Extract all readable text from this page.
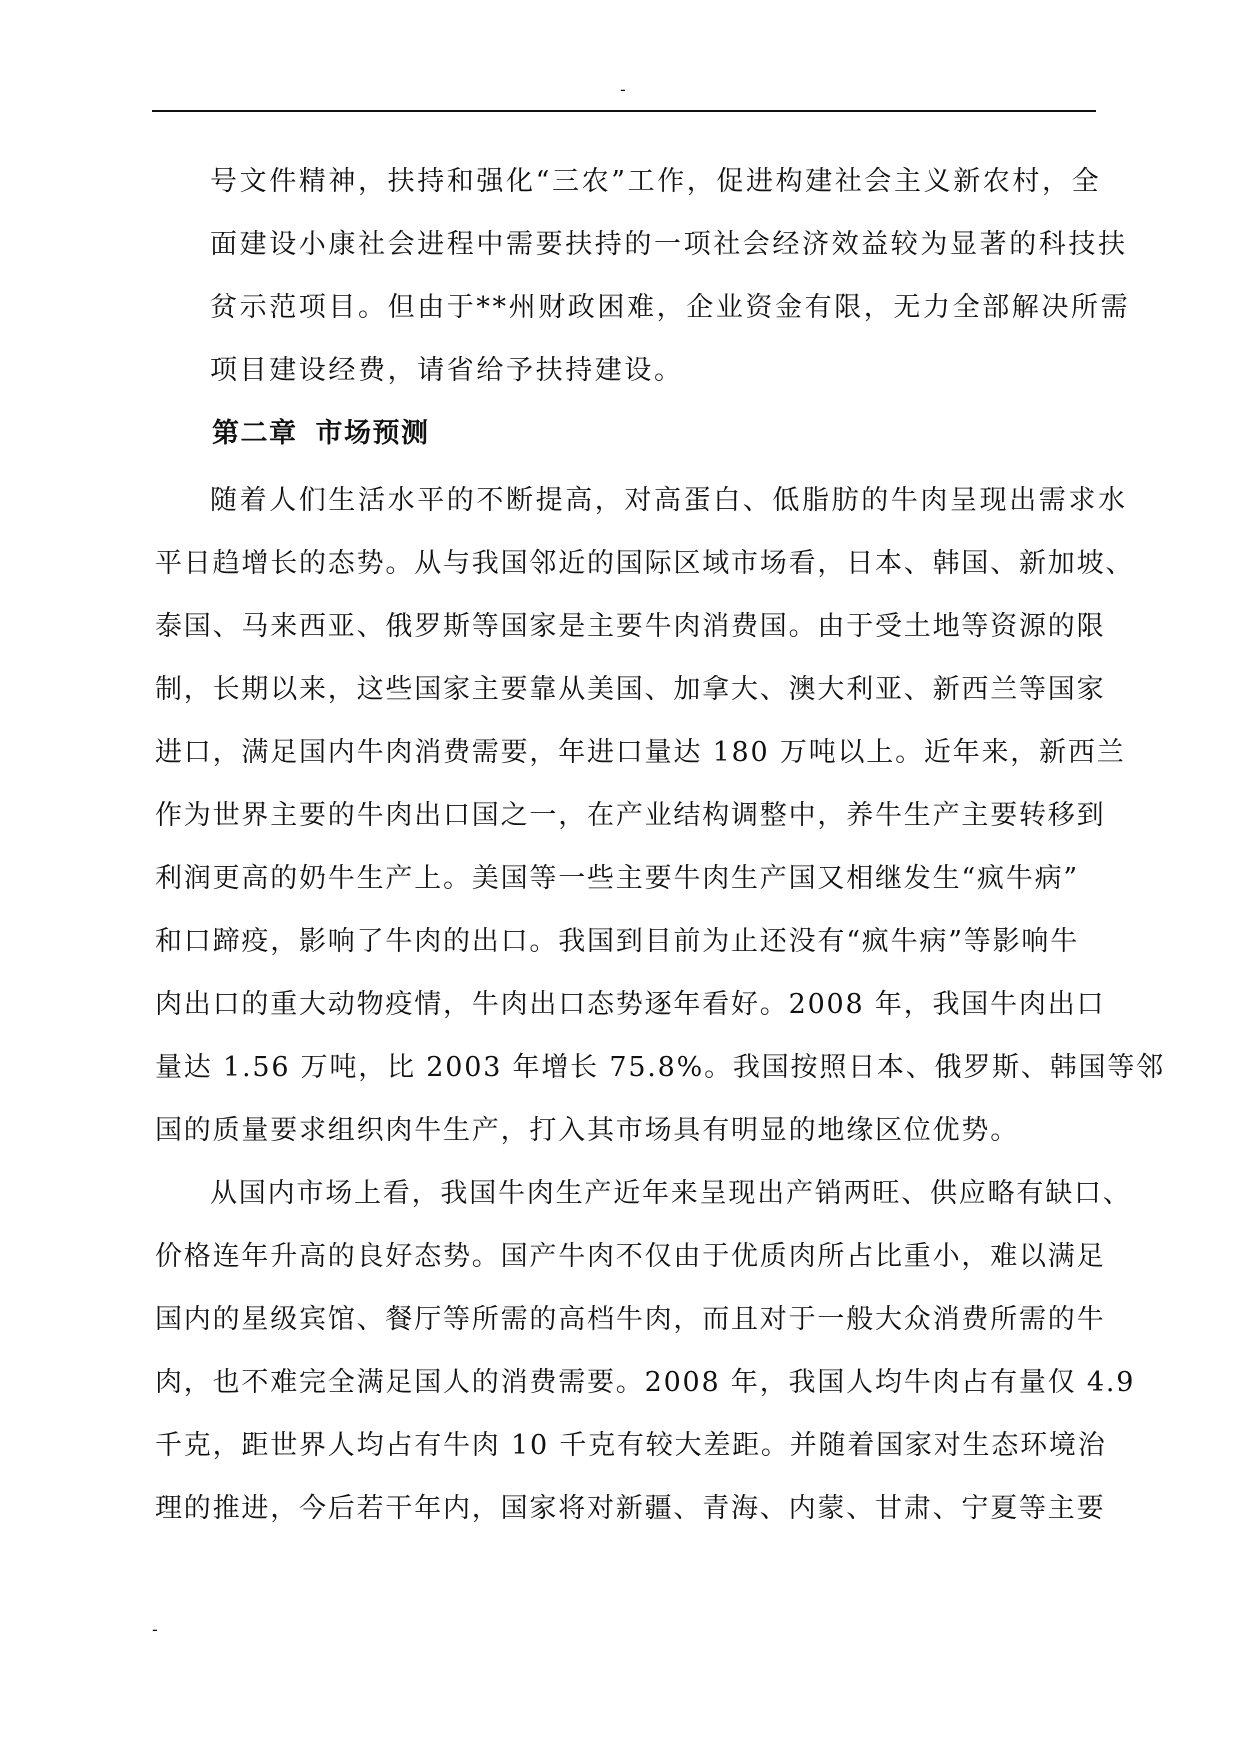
-
号文件精神，扶持和强化“三农”工作，促进构建社会主义新农村，全
面建设小康社会进程中需要扶持的一项社会经济效益较为显著的科技扶
贫示范项目。但由于**州财政困难，企业资金有限，无力全部解决所需
项目建设经费，请省给予扶持建设。
第二章 市场预测
随着人们生活水平的不断提高，对高蛋白、低脂肪的牛肉呈现出需求水
平日趋增长的态势。从与我国邻近的国际区域市场看，日本、韩国、新加坡、
泰国、马来西亚、俄罗斯等国家是主要牛肉消费国。由于受土地等资源的限
制，长期以来，这些国家主要靠从美国、加拿大、澳大利亚、新西兰等国家
进口，满足国内牛肉消费需要，年进口量达 180 万吨以上。近年来，新西兰
作为世界主要的牛肉出口国之一，在产业结构调整中，养牛生产主要转移到
利润更高的奶牛生产上。美国等一些主要牛肉生产国又相继发生“疯牛病”
和口蹄疫，影响了牛肉的出口。我国到目前为止还没有“疯牛病”等影响牛
肉出口的重大动物疫情，牛肉出口态势逐年看好。2008 年，我国牛肉出口
量达 1.56 万吨，比 2003 年增长 75.8%。我国按照日本、俄罗斯、韩国等邻
国的质量要求组织肉牛生产，打入其市场具有明显的地缘区位优势。
从国内市场上看，我国牛肉生产近年来呈现出产销两旺、供应略有缺口、
价格连年升高的良好态势。国产牛肉不仅由于优质肉所占比重小，难以满足
国内的星级宾馆、餐厅等所需的高档牛肉，而且对于一般大众消费所需的牛
肉，也不难完全满足国人的消费需要。2008 年，我国人均牛肉占有量仅 4.9
千克，距世界人均占有牛肉 10 千克有较大差距。并随着国家对生态环境治
理的推进，今后若干年内，国家将对新疆、青海、内蒙、甘肃、宁夏等主要
-
